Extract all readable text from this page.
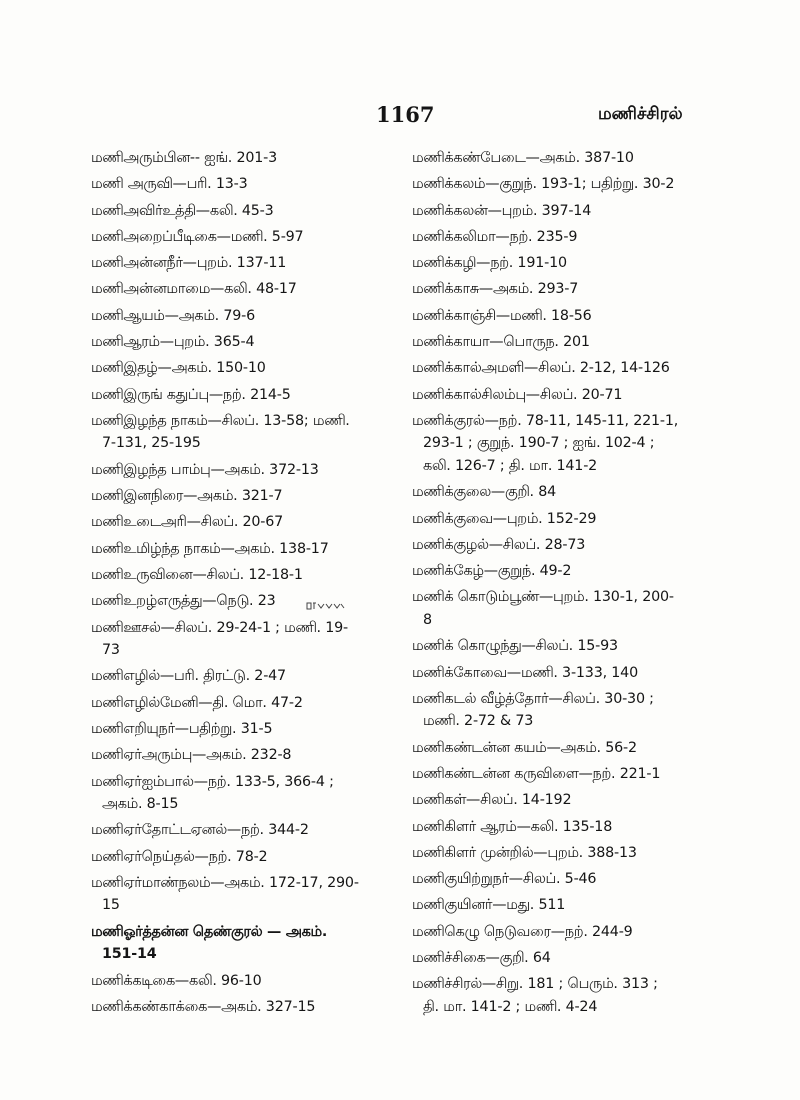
1167	மணிச்சிரல்
மணிஅரும்பின-- ஐங். 201-3
மணி அருவி—பரி. 13-3
மணிஅவிர்உத்தி—கலி. 45-3
மணிஅறைப்பீடிகை—மணி. 5-97
மணிஅன்னநீர்—புறம். 137-11
மணிஅன்னமாமை—கலி. 48-17
மணிஆயம்—அகம். 79-6
மணிஆரம்—புறம். 365-4
மணிஇதழ்—அகம். 150-10
மணிஇருங் கதுப்பு—நற். 214-5
மணிஇழந்த நாகம்—சிலப். 13-58; மணி.
7-131, 25-195
மணிஇழந்த பாம்பு—அகம். 372-13
மணிஇனநிரை—அகம். 321-7
மணிஉடைஅரி—சிலப். 20-67
மணிஉமிழ்ந்த நாகம்—அகம். 138-17
மணிஉருவினை—சிலப். 12-18-1
மணிஉறழ்எருத்து—நெடு. 23
மணிஊசல்—சிலப். 29-24-1 ; மணி. 19-
73
மணிஎழில்—பரி. திரட்டு. 2-47
மணிஎழில்மேனி—தி. மொ. 47-2
மணிஎறியுநர்—பதிற்று. 31-5
மணிஏர்அரும்பு—அகம். 232-8
மணிஏர்ஐம்பால்—நற். 133-5, 366-4 ;
அகம். 8-15
மணிஏர்தோட்டஏனல்—நற். 344-2
மணிஏர்நெய்தல்—நற். 78-2
மணிஏர்மாண்நலம்—அகம். 172-17, 290-
15
மணிஓர்த்தன்ன தெண்குரல் — அகம்.
151-14
மணிக்கடிகை—கலி. 96-10
மணிக்கண்காக்கை—அகம். 327-15
மணிக்கண்பேடை—அகம். 387-10
மணிக்கலம்—குறுந். 193-1; பதிற்று. 30-2
மணிக்கலன்—புறம். 397-14
மணிக்கலிமா—நற். 235-9
மணிக்கழி—நற். 191-10
மணிக்காசு—அகம். 293-7
மணிக்காஞ்சி—மணி. 18-56
மணிக்காயா—பொருந. 201
மணிக்கால்அமளி—சிலப். 2-12, 14-126
மணிக்கால்சிலம்பு—சிலப். 20-71
மணிக்குரல்—நற். 78-11, 145-11, 221-1,
293-1 ; குறுந். 190-7 ; ஐங். 102-4 ;
கலி. 126-7 ; தி. மா. 141-2
மணிக்குலை—குறி. 84
மணிக்குவை—புறம். 152-29
மணிக்குழல்—சிலப். 28-73
மணிக்கேழ்—குறுந். 49-2
மணிக் கொடும்பூண்—புறம். 130-1, 200-
8
மணிக் கொழுந்து—சிலப். 15-93
மணிக்கோவை—மணி. 3-133, 140
மணிகடல் வீழ்த்தோர்—சிலப். 30-30 ;
மணி. 2-72 & 73
மணிகண்டன்ன கயம்—அகம். 56-2
மணிகண்டன்ன கருவிளை—நற். 221-1
மணிகள்—சிலப். 14-192
மணிகிளர் ஆரம்—கலி. 135-18
மணிகிளர் முன்றில்—புறம். 388-13
மணிகுயிற்றுநர்—சிலப். 5-46
மணிகுயினர்—மது. 511
மணிகெழு நெடுவரை—நற். 244-9
மணிச்சிகை—குறி. 64
மணிச்சிரல்—சிறு. 181 ; பெரும். 313 ;
தி. மா. 141-2 ; மணி. 4-24
